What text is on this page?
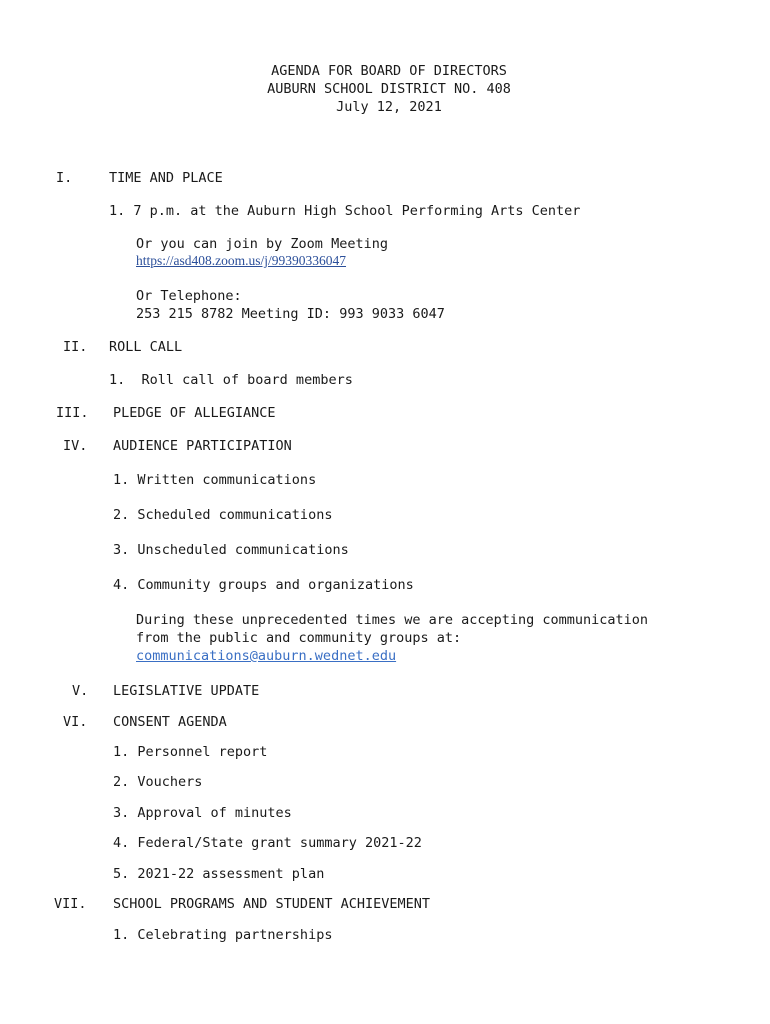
AGENDA FOR BOARD OF DIRECTORS
AUBURN SCHOOL DISTRICT NO. 408
July 12, 2021
I.	TIME AND PLACE
1. 7 p.m. at the Auburn High School Performing Arts Center
Or you can join by Zoom Meeting
https://asd408.zoom.us/j/99390336047
Or Telephone:
253 215 8782 Meeting ID: 993 9033 6047
II. ROLL CALL
1.  Roll call of board members
III. PLEDGE OF ALLEGIANCE
IV. AUDIENCE PARTICIPATION
1. Written communications
2. Scheduled communications
3. Unscheduled communications
4. Community groups and organizations
During these unprecedented times we are accepting communication
from the public and community groups at:
communications@auburn.wednet.edu
V. LEGISLATIVE UPDATE
VI. CONSENT AGENDA
1. Personnel report
2. Vouchers
3. Approval of minutes
4. Federal/State grant summary 2021-22
5. 2021-22 assessment plan
VII. SCHOOL PROGRAMS AND STUDENT ACHIEVEMENT
1. Celebrating partnerships
